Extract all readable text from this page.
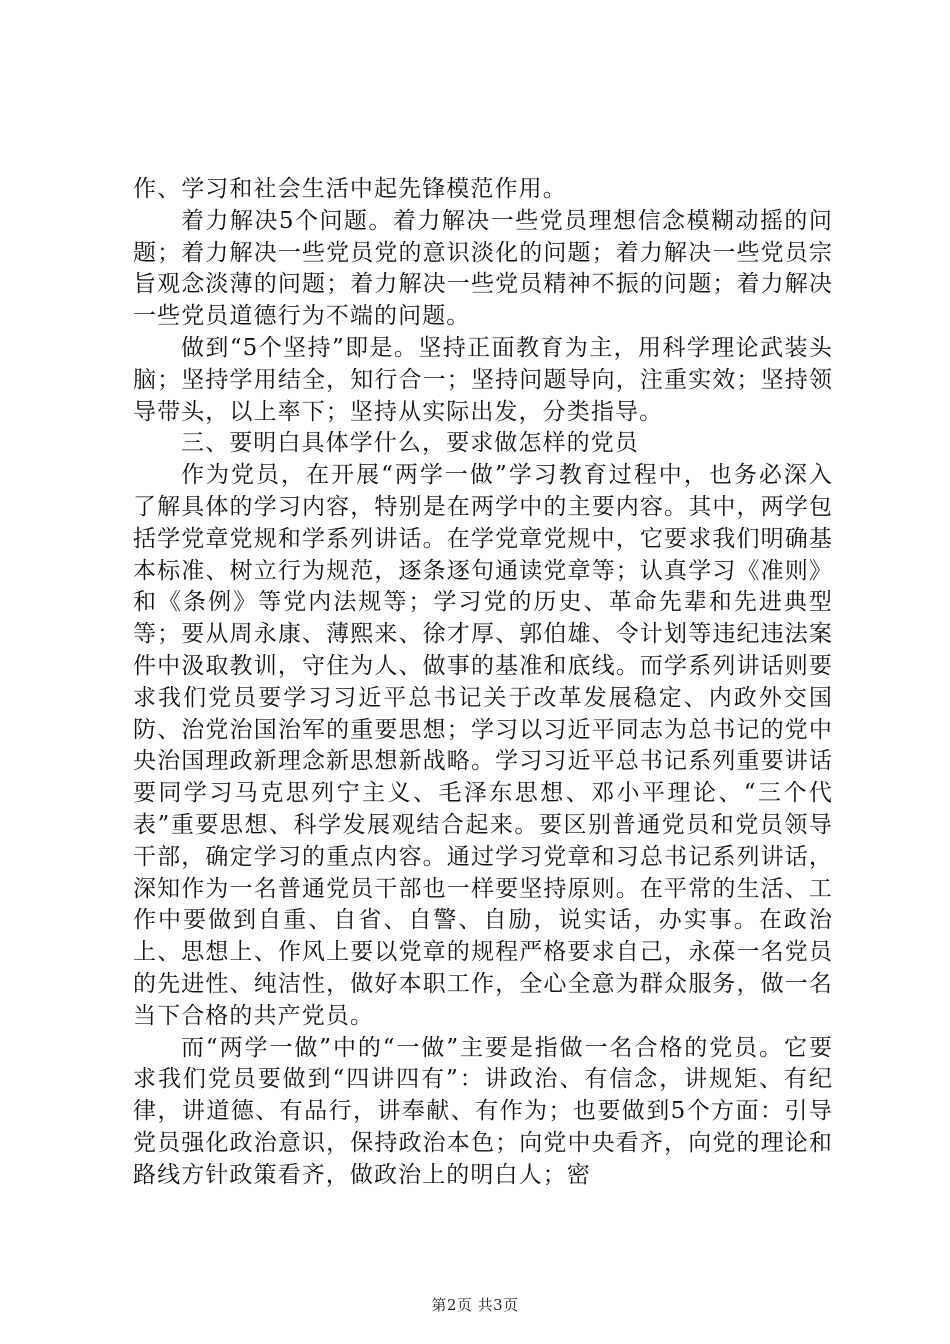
作、学习和社会生活中起先锋模范作用。

着力解决5个问题。着力解决一些党员理想信念模糊动摇的问题；着力解决一些党员党的意识淡化的问题；着力解决一些党员宗旨观念淡薄的问题；着力解决一些党员精神不振的问题；着力解决一些党员道德行为不端的问题。

做到“5个坚持”即是。坚持正面教育为主，用科学理论武装头脑；坚持学用结全，知行合一；坚持问题导向，注重实效；坚持领导带头，以上率下；坚持从实际出发，分类指导。

三、要明白具体学什么，要求做怎样的党员

作为党员，在开展“两学一做”学习教育过程中，也务必深入了解具体的学习内容，特别是在两学中的主要内容。其中，两学包括学党章党规和学系列讲话。在学党章党规中，它要求我们明确基本标准、树立行为规范，逐条逐句通读党章等；认真学习《准则》和《条例》等党内法规等；学习党的历史、革命先辈和先进典型等；要从周永康、薄熙来、徐才厚、郭伯雄、令计划等违纪违法案件中汲取教训，守住为人、做事的基准和底线。而学系列讲话则要求我们党员要学习习近平总书记关于改革发展稳定、内政外交国防、治党治国治军的重要思想；学习以习近平同志为总书记的党中央治国理政新理念新思想新战略。学习习近平总书记系列重要讲话要同学习马克思列宁主义、毛泽东思想、邓小平理论、“三个代表”重要思想、科学发展观结合起来。要区别普通党员和党员领导干部，确定学习的重点内容。通过学习党章和习总书记系列讲话，深知作为一名普通党员干部也一样要坚持原则。在平常的生活、工作中要做到自重、自省、自警、自励，说实话，办实事。在政治上、思想上、作风上要以党章的规程严格要求自己，永葆一名党员的先进性、纯洁性，做好本职工作，全心全意为群众服务，做一名当下合格的共产党员。

而“两学一做”中的“一做”主要是指做一名合格的党员。它要求我们党员要做到“四讲四有”：讲政治、有信念，讲规矩、有纪律，讲道德、有品行，讲奉献、有作为；也要做到5个方面：引导党员强化政治意识，保持政治本色；向党中央看齐，向党的理论和路线方针政策看齐，做政治上的明白人；密

第2页 共3页
